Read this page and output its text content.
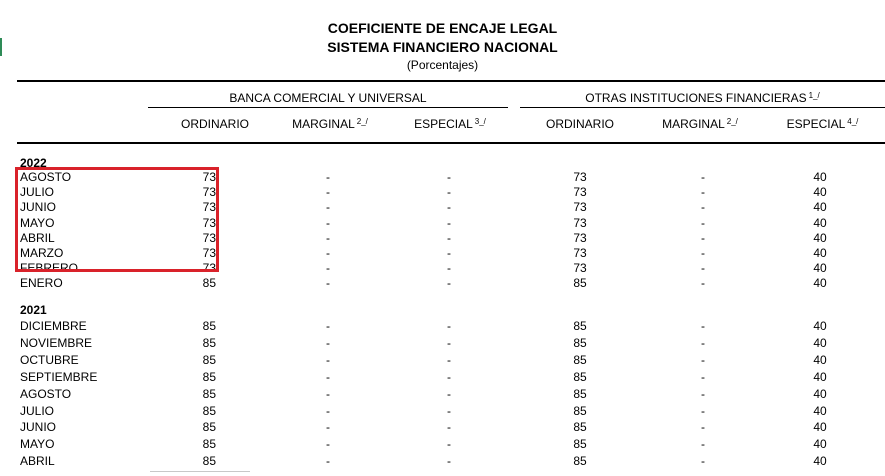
COEFICIENTE DE ENCAJE LEGAL
SISTEMA FINANCIERO NACIONAL
(Porcentajes)
BANCA COMERCIAL Y UNIVERSAL	OTRAS INSTITUCIONES FINANCIERAS $^{1\_/}$
ORDINARIO	MARGINAL $^{2\_/}$	ESPECIAL $^{3\_/}$	ORDINARIO	MARGINAL $^{2\_/}$	ESPECIAL $^{4\_/}$
2022
AGOSTO	73	-	-	73	-	40
JULIO	73	-	-	73	-	40
JUNIO	73	-	-	73	-	40
MAYO	73	-	-	73	-	40
ABRIL	73	-	-	73	-	40
MARZO	73	-	-	73	-	40
FEBRERO	73	-	-	73	-	40
ENERO	85	-	-	85	-	40
2021
DICIEMBRE	85	-	-	85	-	40
NOVIEMBRE	85	-	-	85	-	40
OCTUBRE	85	-	-	85	-	40
SEPTIEMBRE	85	-	-	85	-	40
AGOSTO	85	-	-	85	-	40
JULIO	85	-	-	85	-	40
JUNIO	85	-	-	85	-	40
MAYO	85	-	-	85	-	40
ABRIL	85	-	-	85	-	40
